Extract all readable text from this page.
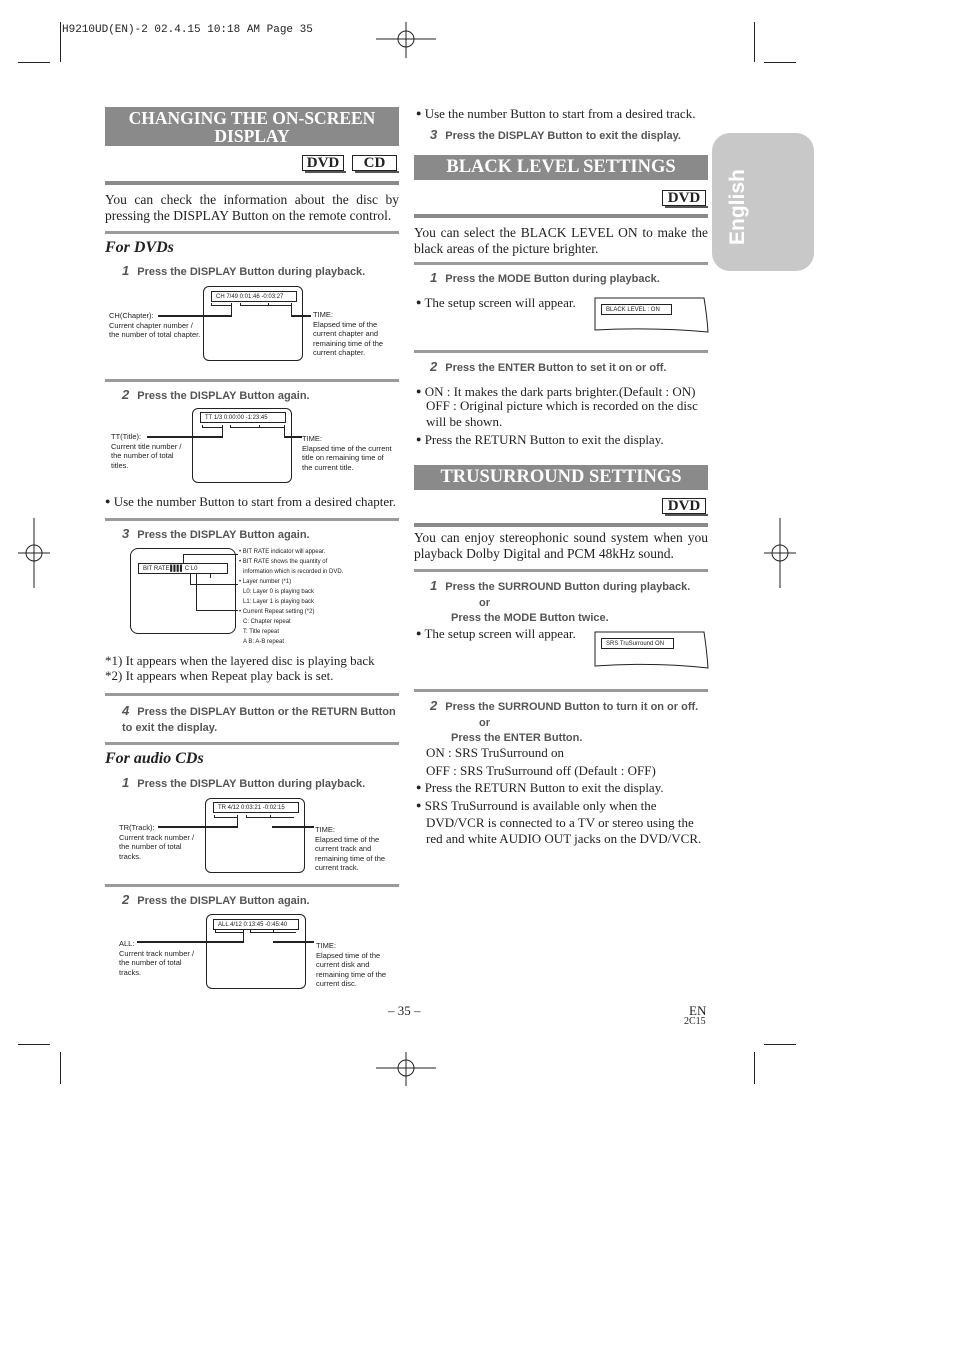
H9210UD(EN)-2 02.4.15 10:18 AM Page 35
English
CHANGING THE ON-SCREEN
DISPLAY
DVD	CD
You can check the information about the disc by pressing the DISPLAY Button on the remote control.
For DVDs
1 Press the DISPLAY Button during playback.
CH 7/49 0:01:46 -0:03:27
CH(Chapter):
Current chapter number / the number of total chapter.
TIME:
Elapsed time of the current chapter and remaining time of the current chapter.
2 Press the DISPLAY Button again.
TT 1/3 0:00:00 -1:23:45
TT(Title):
Current title number / the number of total titles.
TIME:
Elapsed time of the current title on remaining time of the current title.
● Use the number Button to start from a desired chapter.
3 Press the DISPLAY Button again.
BIT RATE ▌▌▌▌ C L0
• BIT RATE indicator will appear.
• BIT RATE shows the quantity of
information which is recorded in DVD.
• Layer number (*1)
L0: Layer 0 is playing back
L1: Layer 1 is playing back
• Current Repeat setting (*2)
C: Chapter repeat
T: Title repeat
A B: A-B repeat
*1) It appears when the layered disc is playing back
*2) It appears when Repeat play back is set.
4 Press the DISPLAY Button or the RETURN Button to exit the display.
For audio CDs
1 Press the DISPLAY Button during playback.
TR 4/12 0:03:21 -0:02:15
TR(Track):
Current track number / the number of total tracks.
TIME:
Elapsed time of the current track and remaining time of the current track.
2 Press the DISPLAY Button again.
ALL 4/12 0:13:45 -0:45:40
ALL:
Current track number / the number of total tracks.
TIME:
Elapsed time of the current disk and remaining time of the current disc.
● Use the number Button to start from a desired track.
3 Press the DISPLAY Button to exit the display.
BLACK LEVEL SETTINGS
DVD
You can select the BLACK LEVEL ON to make the black areas of the picture brighter.
1 Press the MODE Button during playback.
● The setup screen will appear.	BLACK LEVEL : ON
2 Press the ENTER Button to set it on or off.
● ON : It makes the dark parts brighter.(Default : ON)
OFF : Original picture which is recorded on the disc will be shown.
● Press the RETURN Button to exit the display.
TRUSURROUND SETTINGS
DVD
You can enjoy stereophonic sound system when you playback Dolby Digital and PCM 48kHz sound.
1 Press the SURROUND Button during playback.
or
Press the MODE Button twice.
● The setup screen will appear.
SRS TruSurround ON
2 Press the SURROUND Button to turn it on or off.
or
Press the ENTER Button.
ON : SRS TruSurround on
OFF : SRS TruSurround off (Default : OFF)
● Press the RETURN Button to exit the display.
● SRS TruSurround is available only when the DVD/VCR is connected to a TV or stereo using the red and white AUDIO OUT jacks on the DVD/VCR.
– 35 –	EN
2C15
